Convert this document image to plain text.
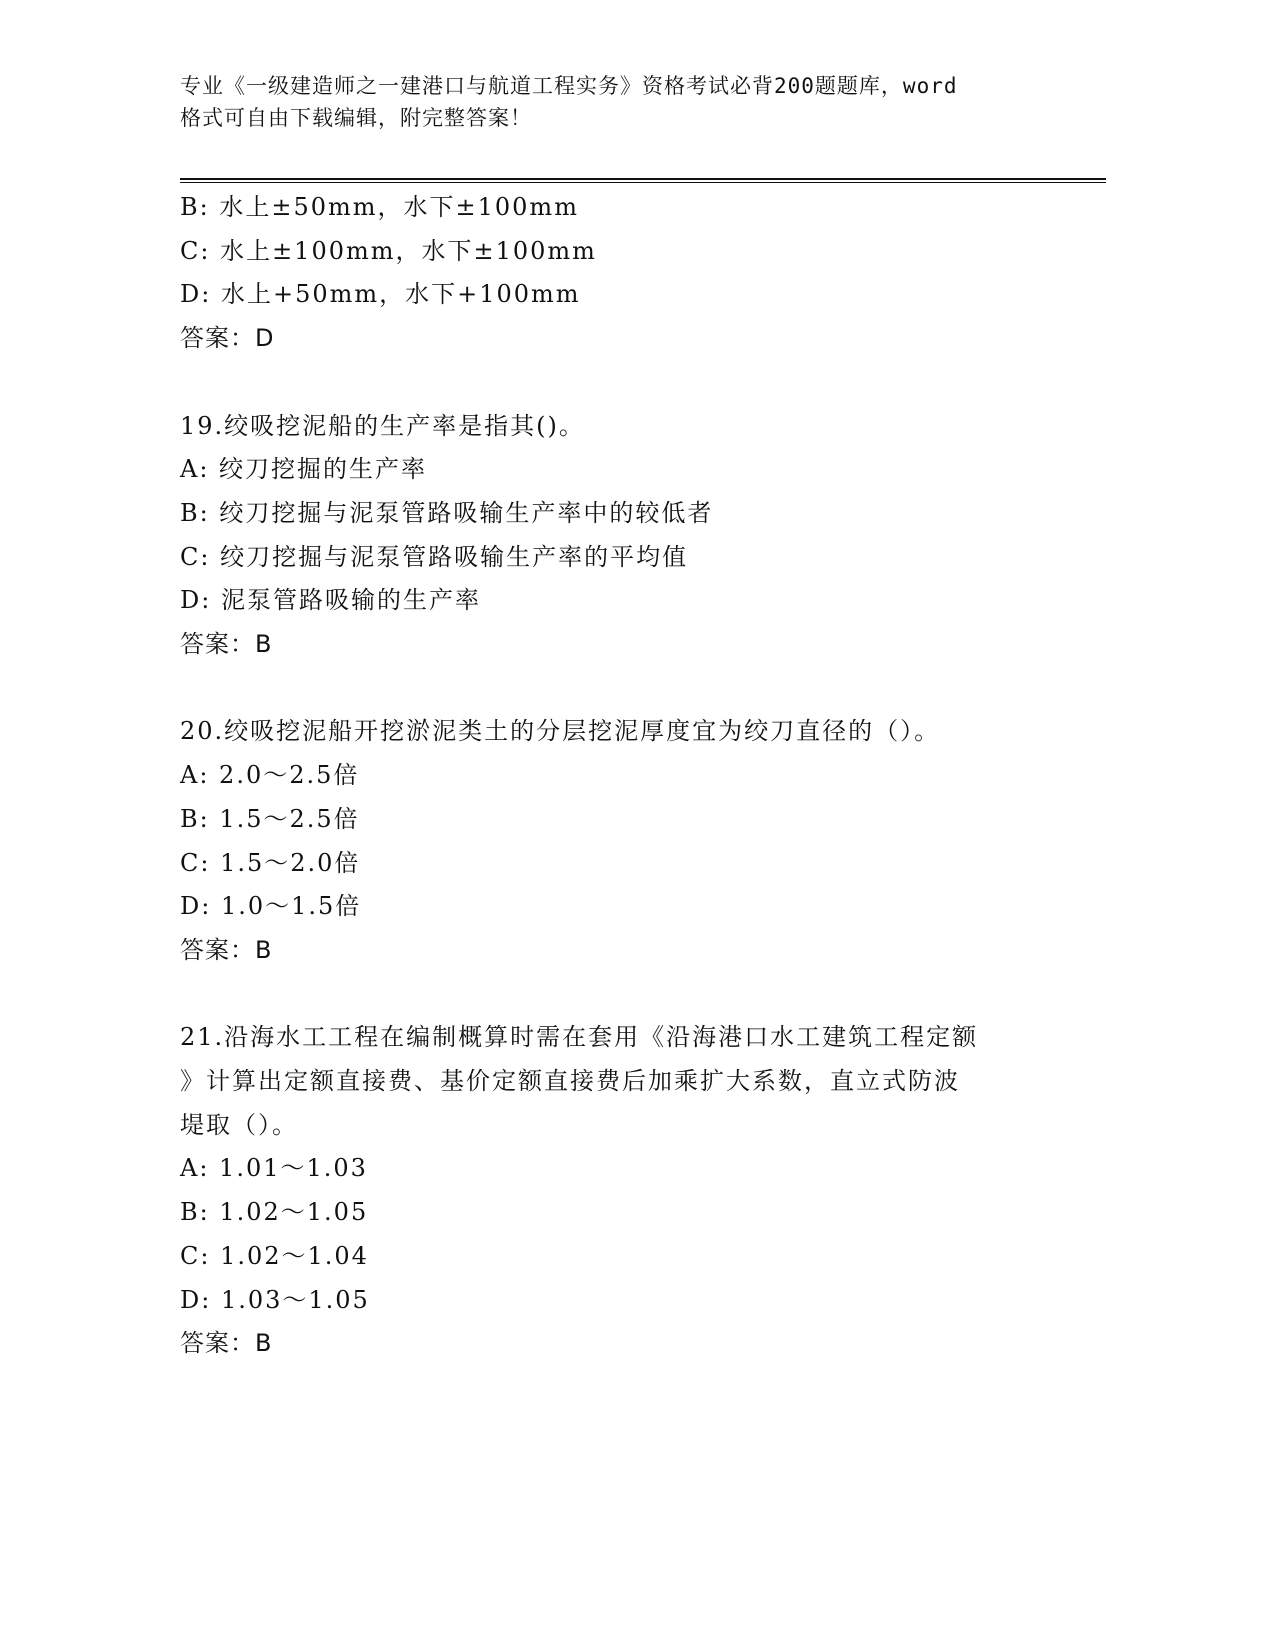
专业《一级建造师之一建港口与航道工程实务》资格考试必背200题题库，word
格式可自由下载编辑，附完整答案！
B: 水上±50mm，水下±100mm
C: 水上±100mm，水下±100mm
D: 水上+50mm，水下+100mm
答案：D
19.绞吸挖泥船的生产率是指其()。
A: 绞刀挖掘的生产率
B: 绞刀挖掘与泥泵管路吸输生产率中的较低者
C: 绞刀挖掘与泥泵管路吸输生产率的平均值
D: 泥泵管路吸输的生产率
答案：B
20.绞吸挖泥船开挖淤泥类土的分层挖泥厚度宜为绞刀直径的（）。
A: 2.0～2.5倍
B: 1.5～2.5倍
C: 1.5～2.0倍
D: 1.0～1.5倍
答案：B
21.沿海水工工程在编制概算时需在套用《沿海港口水工建筑工程定额
》计算出定额直接费、基价定额直接费后加乘扩大系数，直立式防波
堤取（）。
A: 1.01～1.03
B: 1.02～1.05
C: 1.02～1.04
D: 1.03～1.05
答案：B
